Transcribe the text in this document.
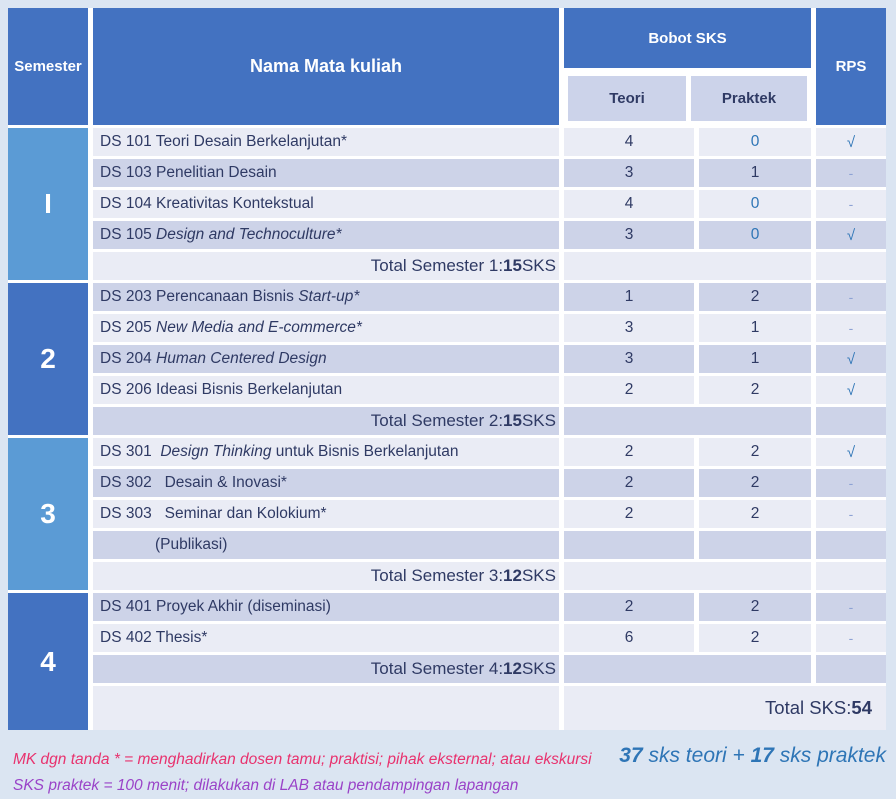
Semester	Nama Mata kuliah
Bobot SKS
Teori	Praktek
RPS
I
2
3
4
DS 101 Teori Desain Berkelanjutan*	4	0	√
DS 103 Penelitian Desain	3	1	-
DS 104 Kreativitas Kontekstual	4	0	-
DS 105 Design and Technoculture*	3	0	√
Total Semester 1: 15 SKS
DS 203 Perencanaan Bisnis Start-up*	1	2	-
DS 205 New Media and E-commerce*	3	1	-
DS 204 Human Centered Design	3	1	√
DS 206 Ideasi Bisnis Berkelanjutan	2	2	√
Total Semester 2: 15 SKS
DS 301 Design Thinking untuk Bisnis Berkelanjutan	2	2	√
DS 302   Desain & Inovasi*	2	2	-
DS 303   Seminar dan Kolokium*	2	2	-
(Publikasi)
Total Semester 3: 12 SKS
DS 401 Proyek Akhir (diseminasi)	2	2	-
DS 402 Thesis*	6	2	-
Total Semester 4: 12 SKS
Total SKS: 54
MK dgn tanda * = menghadirkan dosen tamu; praktisi; pihak eksternal; atau ekskursi
SKS praktek = 100 menit; dilakukan di LAB atau pendampingan lapangan
37 sks teori + 17 sks praktek
